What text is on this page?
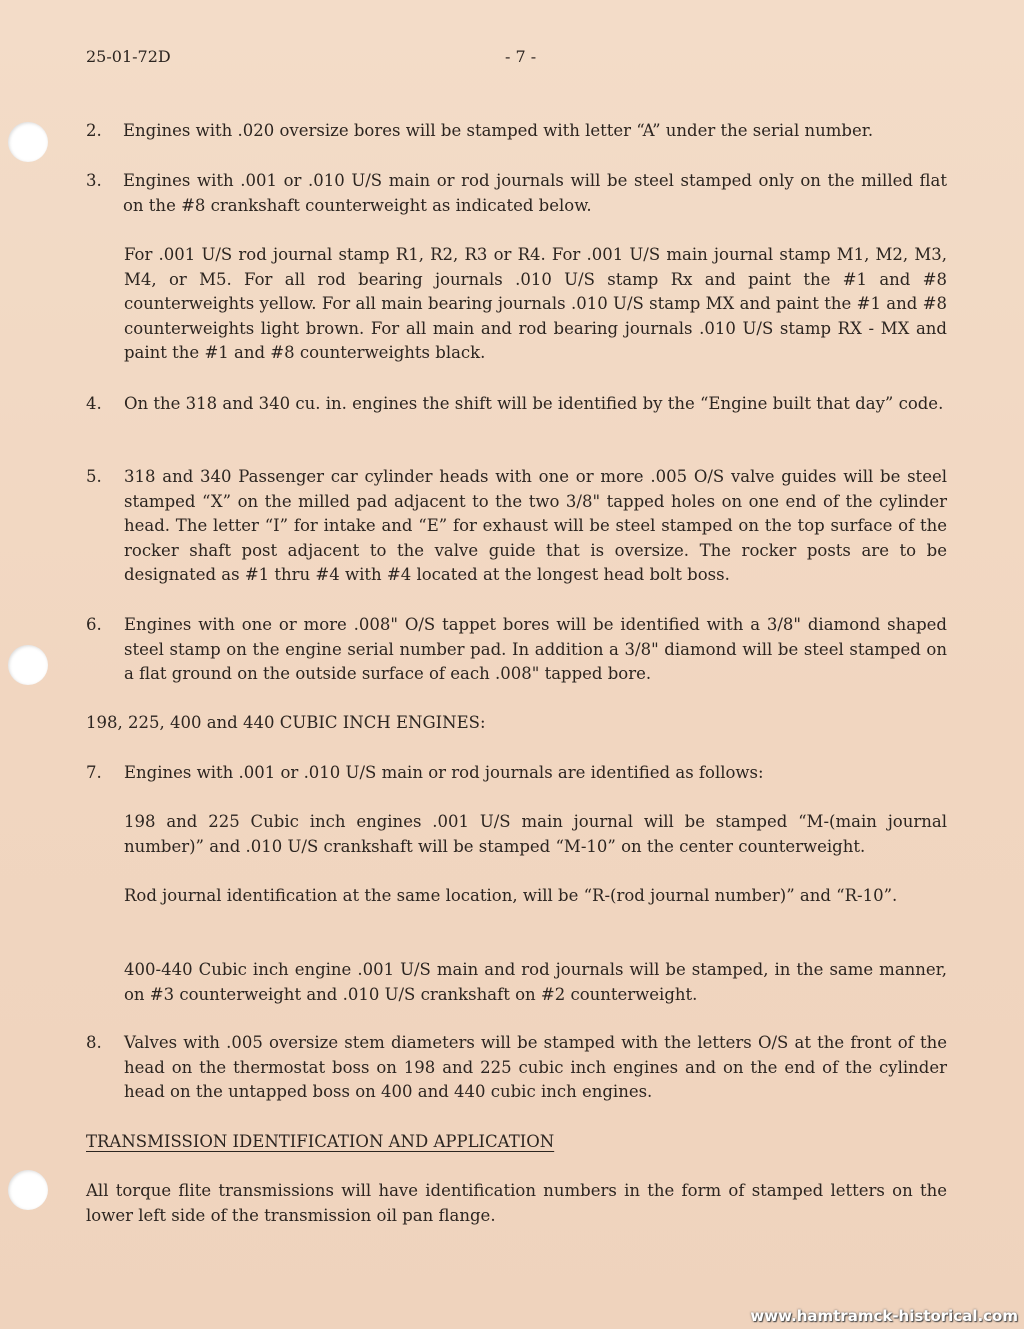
25-01-72D	- 7 -
2. Engines with .020 oversize bores will be stamped with letter “A” under the serial number.
3. Engines with .001 or .010 U/S main or rod journals will be steel stamped only on the milled flat on the #8 crankshaft counterweight as indicated below.
For .001 U/S rod journal stamp R1, R2, R3 or R4. For .001 U/S main journal stamp M1, M2, M3, M4, or M5. For all rod bearing journals .010 U/S stamp Rx and paint the #1 and #8 counterweights yellow. For all main bearing journals .010 U/S stamp MX and paint the #1 and #8 counterweights light brown. For all main and rod bearing journals .010 U/S stamp RX - MX and paint the #1 and #8 counterweights black.
4. On the 318 and 340 cu. in. engines the shift will be identified by the “Engine built that day” code.
5. 318 and 340 Passenger car cylinder heads with one or more .005 O/S valve guides will be steel stamped “X” on the milled pad adjacent to the two 3/8" tapped holes on one end of the cylinder head. The letter “I” for intake and “E” for exhaust will be steel stamped on the top surface of the rocker shaft post adjacent to the valve guide that is oversize. The rocker posts are to be designated as #1 thru #4 with #4 located at the longest head bolt boss.
6. Engines with one or more .008" O/S tappet bores will be identified with a 3/8" diamond shaped steel stamp on the engine serial number pad. In addition a 3/8" diamond will be steel stamped on a flat ground on the outside surface of each .008" tapped bore.
198, 225, 400 and 440 CUBIC INCH ENGINES:
7. Engines with .001 or .010 U/S main or rod journals are identified as follows:
198 and 225 Cubic inch engines .001 U/S main journal will be stamped “M-(main journal number)” and .010 U/S crankshaft will be stamped “M-10” on the center counterweight.
Rod journal identification at the same location, will be “R-(rod journal number)” and “R-10”.
400-440 Cubic inch engine .001 U/S main and rod journals will be stamped, in the same manner, on #3 counterweight and .010 U/S crankshaft on #2 counterweight.
8. Valves with .005 oversize stem diameters will be stamped with the letters O/S at the front of the head on the thermostat boss on 198 and 225 cubic inch engines and on the end of the cylinder head on the untapped boss on 400 and 440 cubic inch engines.
TRANSMISSION IDENTIFICATION AND APPLICATION
All torque flite transmissions will have identification numbers in the form of stamped letters on the lower left side of the transmission oil pan flange.
www.hamtramck-historical.com
